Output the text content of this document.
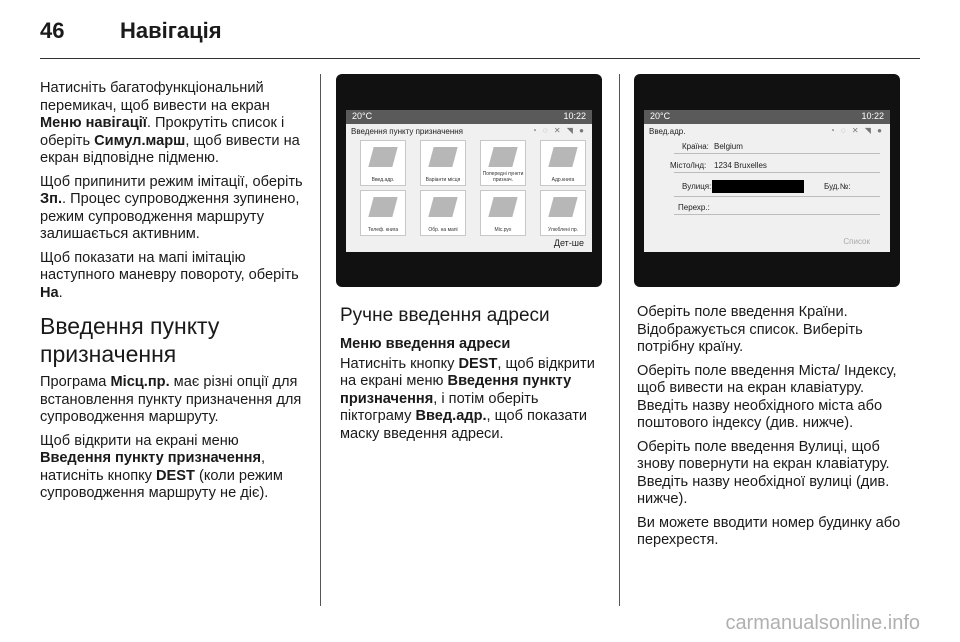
46	Навігація

Натисніть багатофункціональний перемикач, щоб вивести на екран Меню навігації. Прокрутіть список і оберіть Симул.марш, щоб вивести на екран відповідне підменю.

Щоб припинити режим імітації, оберіть Зп.. Процес супроводження зупинено, режим супроводження маршруту залишається активним.

Щоб показати на мапі імітацію наступного маневру повороту, оберіть На.

Введення пункту призначення

Програма Місц.пр. має різні опції для встановлення пункту призначення для супроводження маршруту.

Щоб відкрити на екрані меню Введення пункту призначення, натисніть кнопку DEST (коли режим супроводження маршруту не діє).

20°C	10:22
Введення пункту призначення	◔ ◌ ✕ ◥ ●
Введ.адр.	Варіанти місця
Попередні пункти признач.	Адр.книга
Телеф. книга	Обр. на мапі	Міс.рух	Улюблені пр.
Дет-ше
Ручне введення адреси

Меню введення адреси

Натисніть кнопку DEST, щоб відкрити на екрані меню Введення пункту призначення, і потім оберіть піктограму Введ.адр., щоб показати маску введення адреси.

20°C	10:22
Введ.адр.	◔ ◌ ✕ ◥ ●
Країна: Belgium
Місто/Інд: 1234 Bruxelles
Вулиця:	Буд.№:
Перехр.:
Список

Оберіть поле введення Країни. Відображується список. Виберіть потрібну країну.

Оберіть поле введення Міста/ Індексу, щоб вивести на екран клавіатуру. Введіть назву необхідного міста або поштового індексу (див. нижче).

Оберіть поле введення Вулиці, щоб знову повернути на екран клавіатуру. Введіть назву необхідної вулиці (див. нижче).

Ви можете вводити номер будинку або перехрестя.

carmanualsonline.info
